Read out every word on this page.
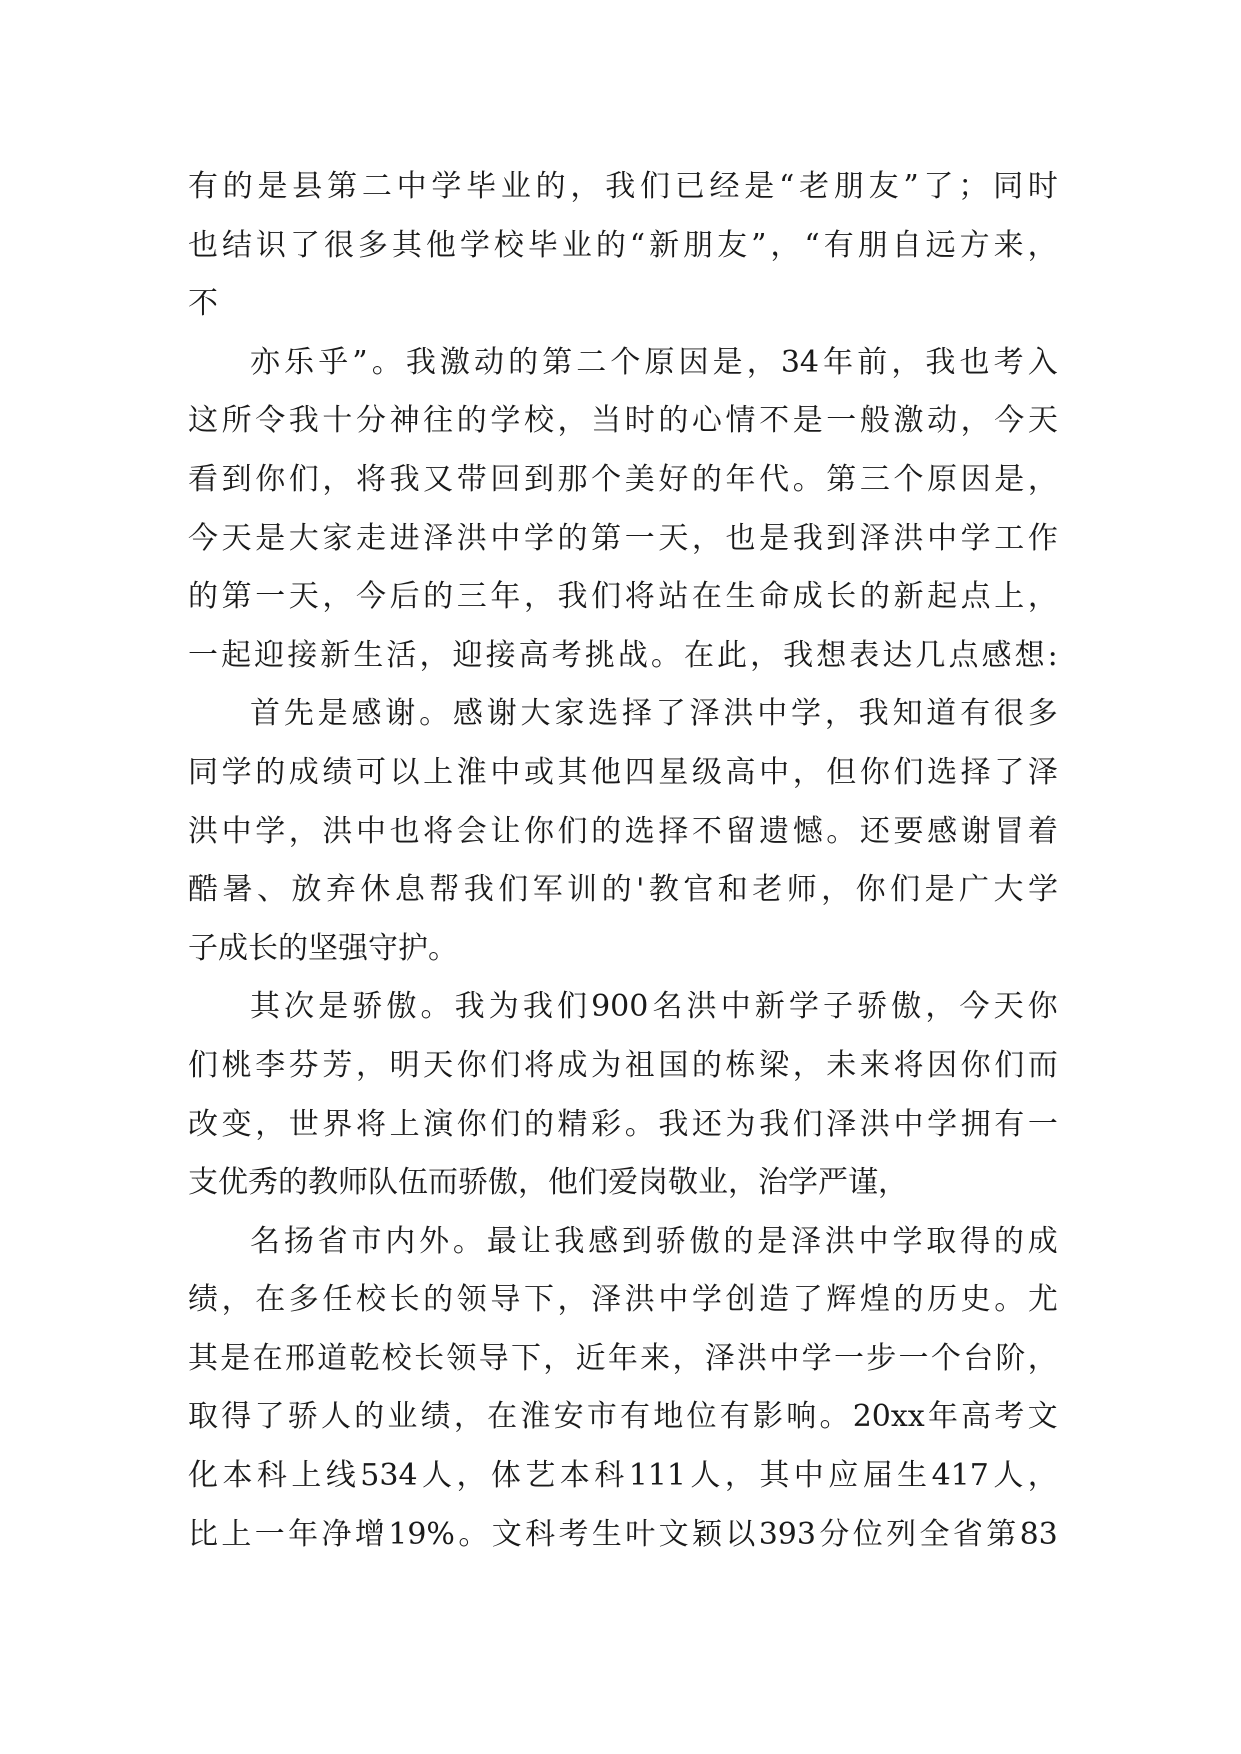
有 的 是 县 第 二 中 学 毕 业 的 ， 我 们 已 经 是 “ 老 朋 友 ” 了 ； 同 时
也 结 识 了 很 多 其 他 学 校 毕 业 的 “ 新 朋 友 ” ， “ 有 朋 自 远 方 来 ，
不
亦 乐 乎 ” 。 我 激 动 的 第 二 个 原 因 是 ， 34 年 前 ， 我 也 考 入
这 所 令 我 十 分 神 往 的 学 校 ， 当 时 的 心 情 不 是 一 般 激 动 ， 今 天
看 到 你 们 ， 将 我 又 带 回 到 那 个 美 好 的 年 代 。 第 三 个 原 因 是 ，
今 天 是 大 家 走 进 泽 洪 中 学 的 第 一 天 ， 也 是 我 到 泽 洪 中 学 工 作
的 第 一 天 ， 今 后 的 三 年 ， 我 们 将 站 在 生 命 成 长 的 新 起 点 上 ，
一 起 迎 接 新 生 活 ， 迎 接 高 考 挑 战 。 在 此 ， 我 想 表 达 几 点 感 想 :
首 先 是 感 谢 。 感 谢 大 家 选 择 了 泽 洪 中 学 ， 我 知 道 有 很 多
同 学 的 成 绩 可 以 上 淮 中 或 其 他 四 星 级 高 中 ， 但 你 们 选 择 了 泽
洪 中 学 ， 洪 中 也 将 会 让 你 们 的 选 择 不 留 遗 憾 。 还 要 感 谢 冒 着
酷 暑 、 放 弃 休 息 帮 我 们 军 训 的 ' 教 官 和 老 师 ， 你 们 是 广 大 学
子 成 长 的 坚 强 守 护 。
其 次 是 骄 傲 。 我 为 我 们 900 名 洪 中 新 学 子 骄 傲 ， 今 天 你
们 桃 李 芬 芳 ， 明 天 你 们 将 成 为 祖 国 的 栋 梁 ， 未 来 将 因 你 们 而
改 变 ， 世 界 将 上 演 你 们 的 精 彩 。 我 还 为 我 们 泽 洪 中 学 拥 有 一
支 优 秀 的 教 师 队 伍 而 骄 傲 ， 他 们 爱 岗 敬 业 ， 治 学 严 谨 ，
名 扬 省 市 内 外 。 最 让 我 感 到 骄 傲 的 是 泽 洪 中 学 取 得 的 成
绩 ， 在 多 任 校 长 的 领 导 下 ， 泽 洪 中 学 创 造 了 辉 煌 的 历 史 。 尤
其 是 在 邢 道 乾 校 长 领 导 下 ， 近 年 来 ， 泽 洪 中 学 一 步 一 个 台 阶 ，
取 得 了 骄 人 的 业 绩 ， 在 淮 安 市 有 地 位 有 影 响 。 20xx 年 高 考 文
化 本 科 上 线 534 人 ， 体 艺 本 科 111 人 ， 其 中 应 届 生 417 人 ，
比 上 一 年 净 增 19% 。 文 科 考 生 叶 文 颖 以 393 分 位 列 全 省 第 83
